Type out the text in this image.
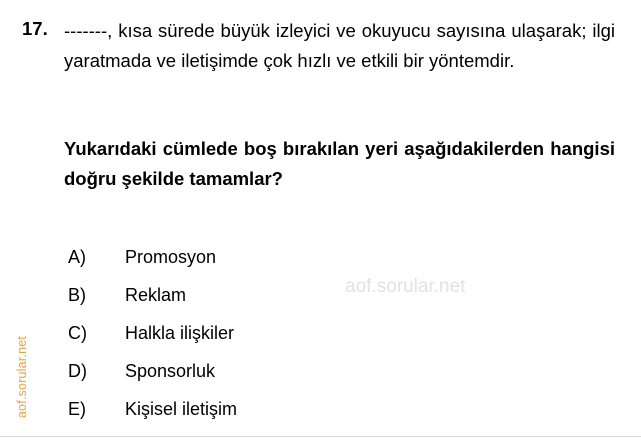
aof.sorular.net
17. -------, kısa sürede büyük izleyici ve okuyucu sayısına ulaşarak; ilgi yaratmada ve iletişimde çok hızlı ve etkili bir yöntemdir.
Yukarıdaki cümlede boş bırakılan yeri aşağıdakilerden hangisi doğru şekilde tamamlar?
A)	Promosyon
B)	Reklam
C)	Halkla ilişkiler
D)	Sponsorluk
E)	Kişisel iletişim
aof.sorular.net
